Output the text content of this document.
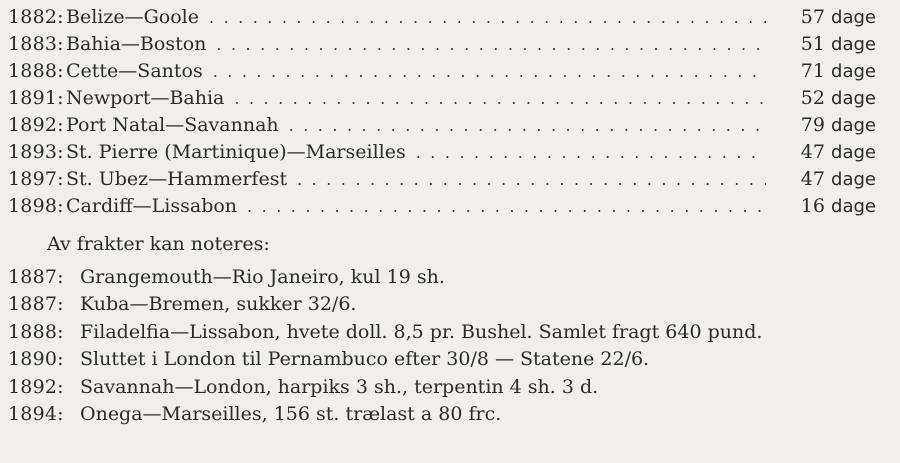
1882: Belize—Goole . . .	57 dage
1883: Bahia—Boston . . .	51 dage
1888: Cette—Santos . . .	71 dage
1891: Newport—Bahia . . .	52 dage
1892: Port Natal—Savannah . . .	79 dage
1893: St. Pierre (Martinique)—Marseilles . . .	47 dage
1897: St. Ubez—Hammerfest . . .	47 dage
1898: Cardiff—Lissabon . . .	16 dage

Av frakter kan noteres:

1887: Grangemouth—Rio Janeiro, kul 19 sh.
1887: Kuba—Bremen, sukker 32/6.
1888: Filadelfia—Lissabon, hvete doll. 8,5 pr. Bushel. Samlet fragt 640 pund.
1890: Sluttet i London til Pernambuco efter 30/8 — Statene 22/6.
1892: Savannah—London, harpiks 3 sh., terpentin 4 sh. 3 d.
1894: Onega—Marseilles, 156 st. trælast a 80 frc.
